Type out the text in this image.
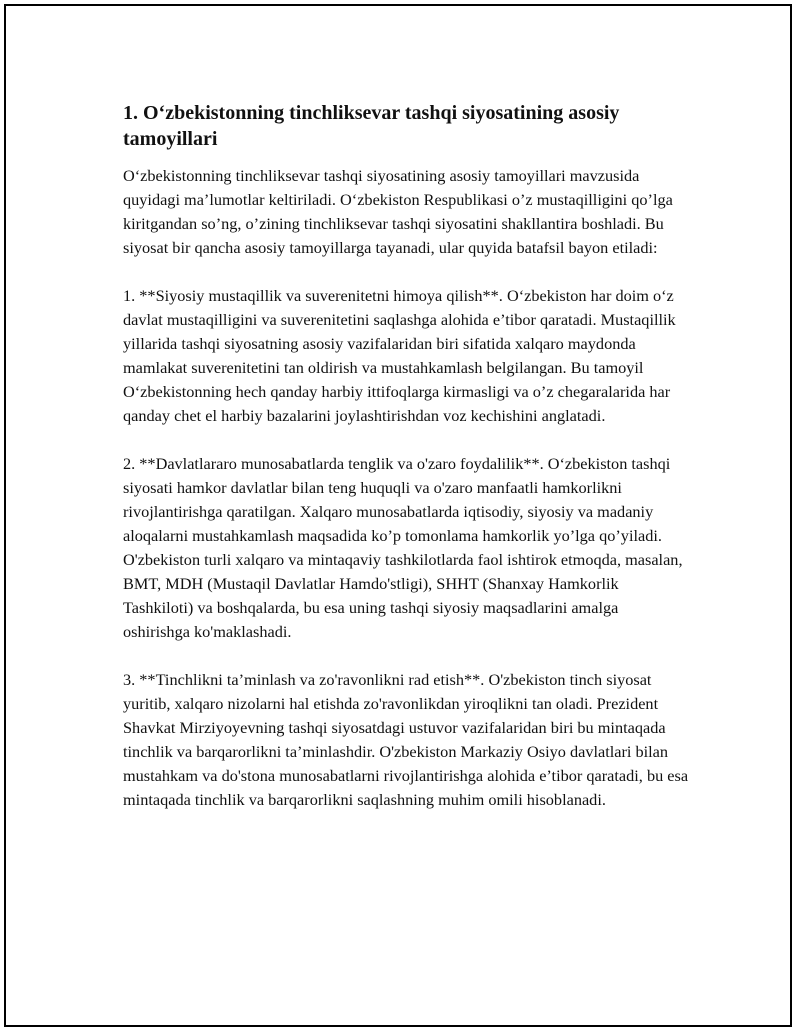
1. O‘zbekistonning tinchliksevar tashqi siyosatining asosiy tamoyillari

O‘zbekistonning tinchliksevar tashqi siyosatining asosiy tamoyillari mavzusida quyidagi ma’lumotlar keltiriladi. O‘zbekiston Respublikasi o’z mustaqilligini qo’lga kiritgandan so’ng, o’zining tinchliksevar tashqi siyosatini shakllantira boshladi. Bu siyosat bir qancha asosiy tamoyillarga tayanadi, ular quyida batafsil bayon etiladi:

1. **Siyosiy mustaqillik va suverenitetni himoya qilish**. O‘zbekiston har doim o‘z davlat mustaqilligini va suverenitetini saqlashga alohida e’tibor qaratadi. Mustaqillik yillarida tashqi siyosatning asosiy vazifalaridan biri sifatida xalqaro maydonda mamlakat suverenitetini tan oldirish va mustahkamlash belgilangan. Bu tamoyil O‘zbekistonning hech qanday harbiy ittifoqlarga kirmasligi va o’z chegaralarida har qanday chet el harbiy bazalarini joylashtirishdan voz kechishini anglatadi.

2. **Davlatlararo munosabatlarda tenglik va o'zaro foydalilik**. O‘zbekiston tashqi siyosati hamkor davlatlar bilan teng huquqli va o'zaro manfaatli hamkorlikni rivojlantirishga qaratilgan. Xalqaro munosabatlarda iqtisodiy, siyosiy va madaniy aloqalarni mustahkamlash maqsadida ko’p tomonlama hamkorlik yo’lga qo’yiladi. O'zbekiston turli xalqaro va mintaqaviy tashkilotlarda faol ishtirok etmoqda, masalan, BMT, MDH (Mustaqil Davlatlar Hamdo'stligi), SHHT (Shanxay Hamkorlik Tashkiloti) va boshqalarda, bu esa uning tashqi siyosiy maqsadlarini amalga oshirishga ko'maklashadi.

3. **Tinchlikni ta’minlash va zo'ravonlikni rad etish**. O'zbekiston tinch siyosat yuritib, xalqaro nizolarni hal etishda zo'ravonlikdan yiroqlikni tan oladi. Prezident Shavkat Mirziyoyevning tashqi siyosatdagi ustuvor vazifalaridan biri bu mintaqada tinchlik va barqarorlikni ta’minlashdir. O'zbekiston Markaziy Osiyo davlatlari bilan mustahkam va do'stona munosabatlarni rivojlantirishga alohida e’tibor qaratadi, bu esa mintaqada tinchlik va barqarorlikni saqlashning muhim omili hisoblanadi.
